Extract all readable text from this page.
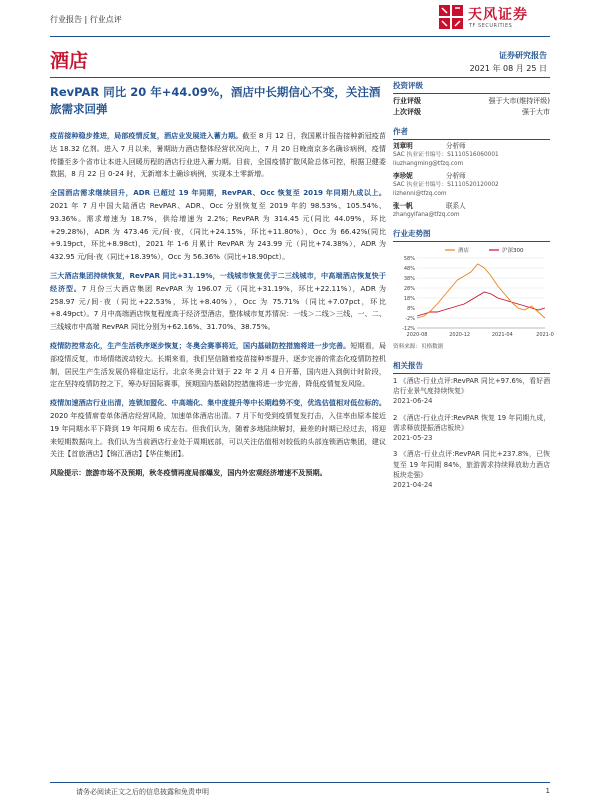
行业报告 | 行业点评	天风证券
TF SECURITIES
酒店	证券研究报告
2021 年 08 月 25 日
RevPAR 同比 20 年+44.09%，酒店中长期信心不变，关注酒旅需求回弹

疫苗接种稳步推进，局部疫情反复，酒店业发展进入蓄力期。截至 8 月 12 日，我国累计报告接种新冠疫苗达 18.32 亿剂。进入 7 月以来，暑期助力酒店整体经营状况向上，7 月 20 日晚南京多名确诊病例，疫情传播至多个省市让本进入回暖历程的酒店行业进入蓄力期。目前，全国疫情扩散风险总体可控，根据卫健委数据，8 月 22 日 0-24 时，无新增本土确诊病例，实现本土零新增。

全国酒店需求继续回升，ADR 已超过 19 年同期，RevPAR、Occ 恢复至 2019 年同期九成以上。2021 年 7 月中国大陆酒店 RevPAR、ADR、Occ 分别恢复至 2019 年的 98.53%、105.54%、93.36%。需求增速为 18.7%，供给增速为 2.2%；RevPAR 为 314.45 元(同比 44.09%，环比+29.28%)，ADR 为 473.46 元/间·夜，（同比+24.15%，环比+11.80%），Occ 为 66.42%(同比+9.19pct，环比+8.98ct)，2021 年 1-6 月累计 RevPAR 为 243.99 元（同比+74.38%），ADR 为 432.95 元/间·夜（同比+18.39%），Occ 为 56.36%（同比+18.90pct）。

三大酒店集团持续恢复，RevPAR 同比+31.19%，一线城市恢复优于二三线城市，中高端酒店恢复快于经济型。7 月份三大酒店集团 RevPAR 为 196.07 元（同比+31.19%，环比+22.11%），ADR 为 258.97 元/间·夜（同比+22.53%，环比+8.40%），Occ 为 75.71%（同比+7.07pct，环比+8.49pct）。7 月中高端酒店恢复程度高于经济型酒店，整体城市复苏情况：一线＞二线＞三线，一、二、三线城市中高端 RevPAR 同比分别为+62.16%、31.70%、38.75%。

疫情防控常态化，生产生活秩序逐步恢复；冬奥会赛事将近，国内基础防控措施将进一步完善。短期看，局部疫情反复，市场情绪波动较大。长期来看，我们坚信随着疫苗接种率提升，逐步完善的常态化疫情防控机制，居民生产生活发展仍将稳定运行。北京冬奥会计划于 22 年 2 月 4 日开幕，国内进入到倒计时阶段，定在坚持疫情防控之下，筹办好国际赛事，预期国内基础防控措施将进一步完善，降低疫情复发风险。

疫情加速酒店行业出清，连锁加盟化、中高端化、集中度提升等中长期趋势不变，优选估值相对低位标的。2020 年疫情席卷单体酒店经营风险，加速单体酒店出清。7 月下旬受到疫情复发打击，入住率由原本接近 19 年同期水平下降到 19 年同期 6 成左右。但我们认为，随着多地陆续解封，最差的时期已经过去，将迎来短期数据向上。我们认为当前酒店行业处于周期底部，可以关注估值相对较低的头部连锁酒店集团，建议关注【首旅酒店】【锦江酒店】【华住集团】。

风险提示：旅游市场不及预期，秋冬疫情再度局部爆发，国内外宏观经济增速不及预期。

投资评级
行业评级	强于大市(维持评级)
上次评级	强于大市
作者
刘章明	分析师
SAC 执业证书编号：S1110516060001
liuzhangming@tfzq.com
李珍妮	分析师
SAC 执业证书编号：S1110520120002
lizhenni@tfzq.com
张一帆	联系人
zhangyifana@tfzq.com
行业走势图
酒店	沪深300
-12%
-2%
8%
18%
28%
38%
48%
58%
2020-08	2020-12	2021-04	2021-0
资料来源：贝格数据
相关报告
1 《酒店-行业点评:RevPAR 同比+97.6%，看好酒店行业景气度持续恢复》
2021-06-24
2 《酒店-行业点评:RevPAR 恢复 19 年同期九成，需求释放提振酒店板块》
2021-05-23
3 《酒店-行业点评:RevPAR 同比+237.8%，已恢复至 19 年同期 84%，旅游需求持续释放助力酒店板块走强》
2021-04-24
请务必阅读正文之后的信息披露和免责申明	1
